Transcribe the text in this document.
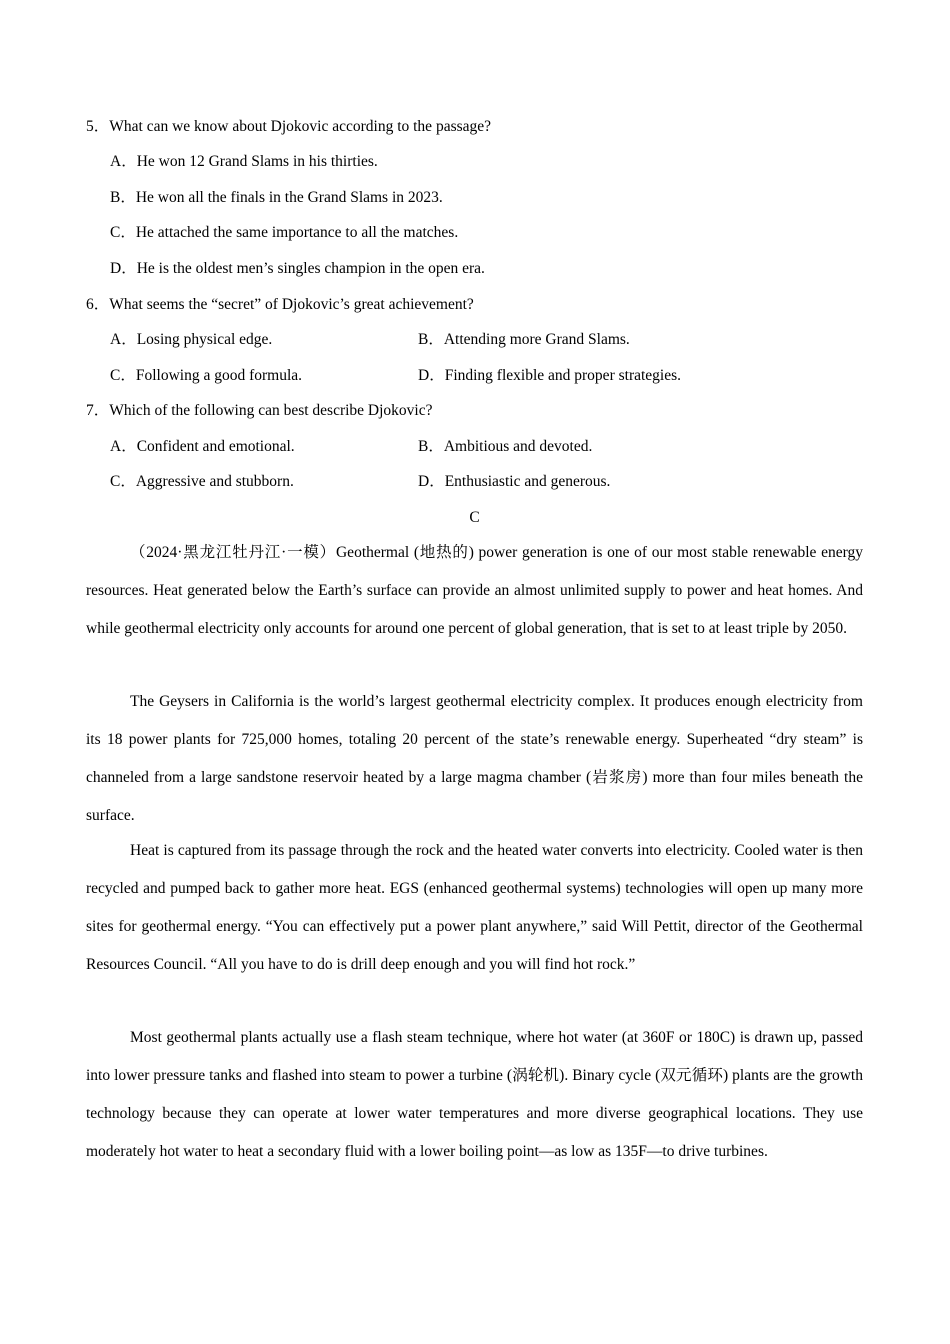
5．What can we know about Djokovic according to the passage?
A．He won 12 Grand Slams in his thirties.
B．He won all the finals in the Grand Slams in 2023.
C．He attached the same importance to all the matches.
D．He is the oldest men’s singles champion in the open era.
6．What seems the “secret” of Djokovic’s great achievement?
A．Losing physical edge.	B．Attending more Grand Slams.
C．Following a good formula.	D．Finding flexible and proper strategies.
7．Which of the following can best describe Djokovic?
A．Confident and emotional.	B．Ambitious and devoted.
C．Aggressive and stubborn.	D．Enthusiastic and generous.
C

（2024·黑龙江牡丹江·一模）Geothermal (地热的) power generation is one of our most stable renewable energy resources. Heat generated below the Earth’s surface can provide an almost unlimited supply to power and heat homes. And while geothermal electricity only accounts for around one percent of global generation, that is set to at least triple by 2050.

The Geysers in California is the world’s largest geothermal electricity complex. It produces enough electricity from its 18 power plants for 725,000 homes, totaling 20 percent of the state’s renewable energy. Superheated “dry steam” is channeled from a large sandstone reservoir heated by a large magma chamber (岩浆房) more than four miles beneath the surface.

Heat is captured from its passage through the rock and the heated water converts into electricity. Cooled water is then recycled and pumped back to gather more heat. EGS (enhanced geothermal systems) technologies will open up many more sites for geothermal energy. “You can effectively put a power plant anywhere,” said Will Pettit, director of the Geothermal Resources Council. “All you have to do is drill deep enough and you will find hot rock.”

Most geothermal plants actually use a flash steam technique, where hot water (at 360F or 180C) is drawn up, passed into lower pressure tanks and flashed into steam to power a turbine (涡轮机). Binary cycle (双元循环) plants are the growth technology because they can operate at lower water temperatures and more diverse geographical locations. They use moderately hot water to heat a secondary fluid with a lower boiling point—as low as 135F—to drive turbines.
